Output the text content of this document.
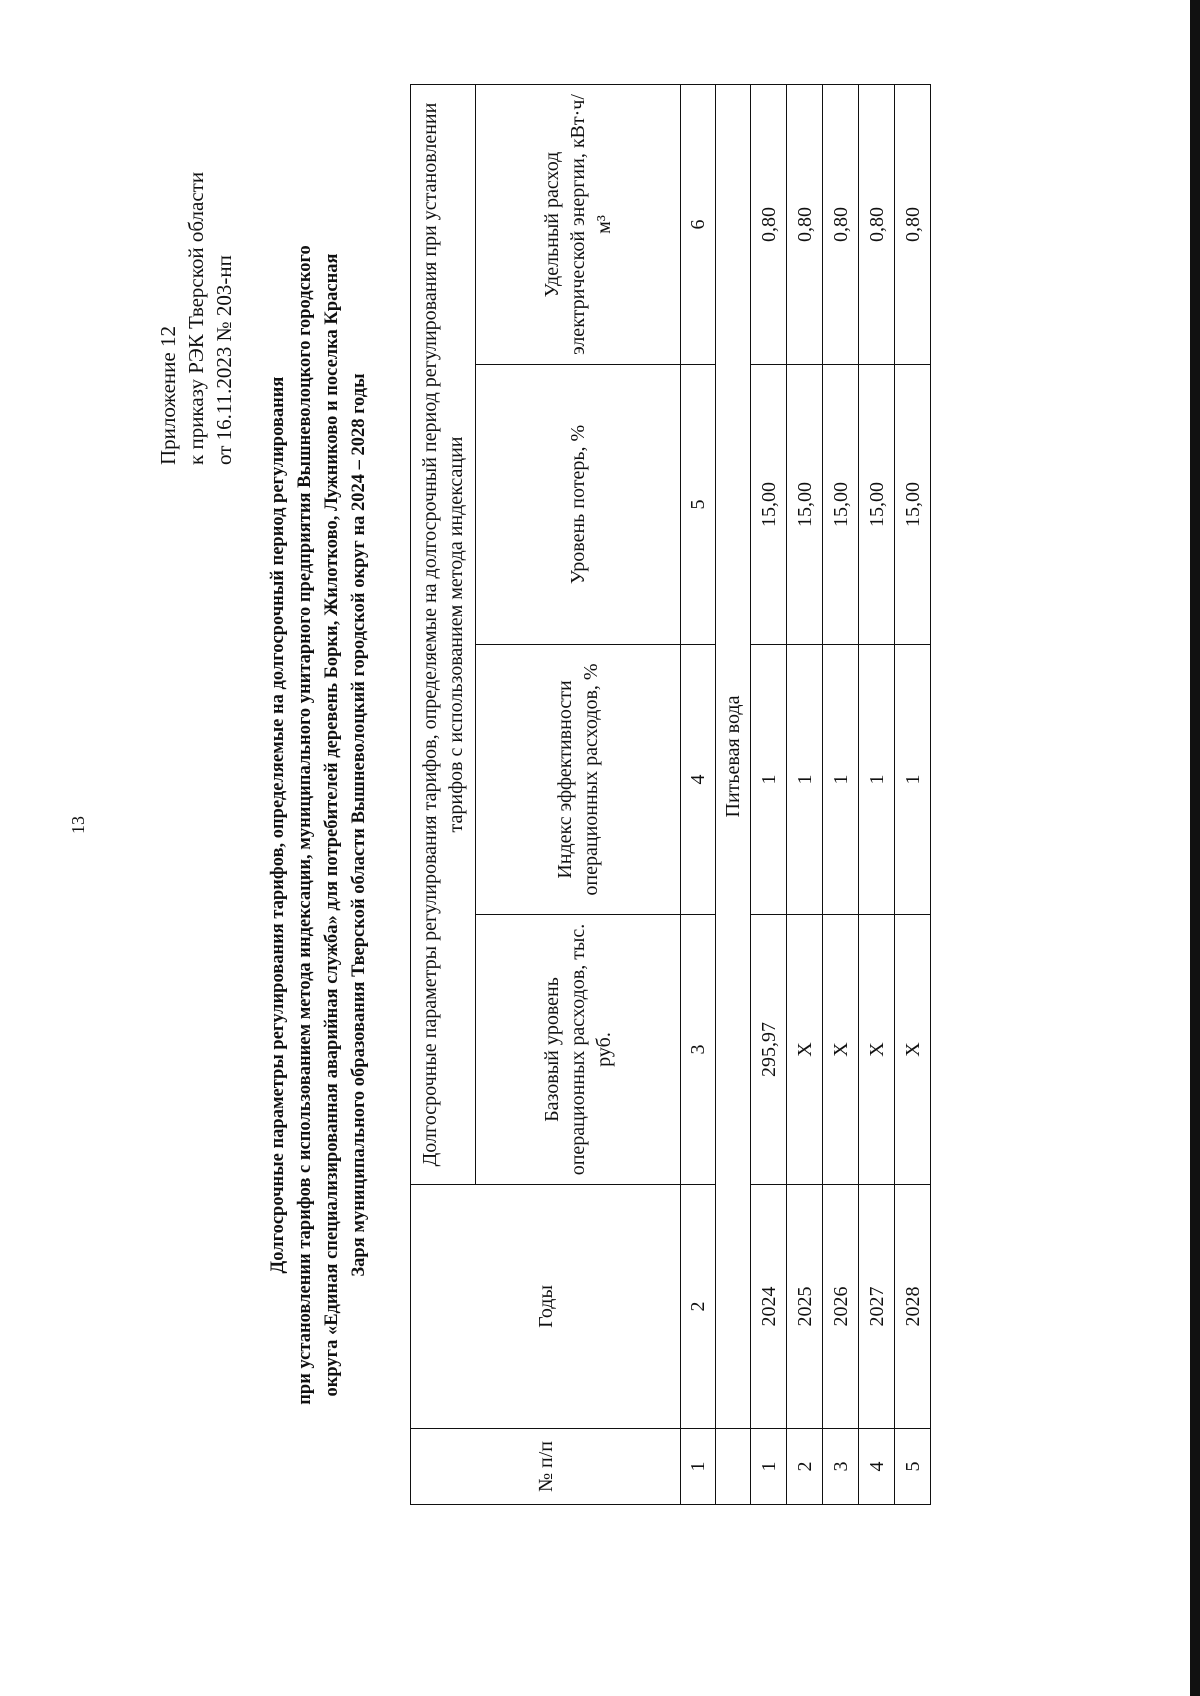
13
Приложение 12 к приказу РЭК Тверской области от 16.11.2023 № 203-нп
Долгосрочные параметры регулирования тарифов, определяемые на долгосрочный период регулирования при установлении тарифов с использованием метода индексации, муниципального унитарного предприятия Вышневолоцкого городского округа «Единая специализированная аварийная служба» для потребителей деревень Борки, Жилотково, Лужниково и поселка Красная Заря муниципального образования Тверской области Вышневолоцкий городской округ на 2024 – 2028 годы
№ п/п	Годы	Долгосрочные параметры регулирования тарифов, определяемые на долгосрочный период регулирования при установлении тарифов с использованием метода индексации			
		Базовый уровень операционных расходов, тыс. руб.	Индекс эффективности операционных расходов, %	Уровень потерь, %	Удельный расход электрической энергии, кВт·ч/м³
1	2	3	4	5	6
	Питьевая вода				
1	2024	295,97	1	15,00	0,80
2	2025	Х	1	15,00	0,80
3	2026	Х	1	15,00	0,80
4	2027	Х	1	15,00	0,80
5	2028	Х	1	15,00	0,80
